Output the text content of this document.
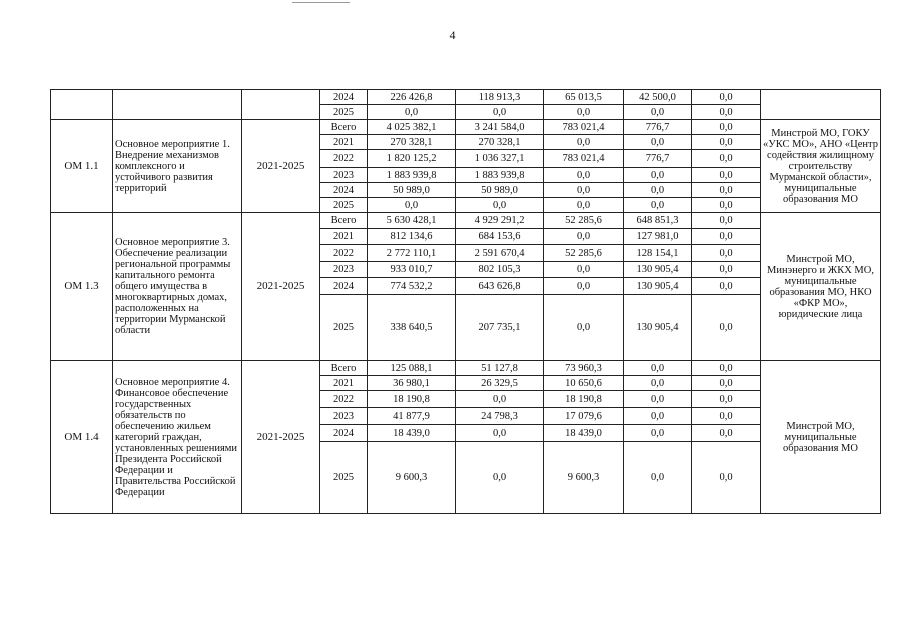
4
			2024	226 426,8	118 913,3	65 013,5	42 500,0	0,0	
			2025	0,0	0,0	0,0	0,0	0,0	
ОМ 1.1	Основное мероприятие 1. Внедрение механизмов комплексного и устойчивого развития территорий	2021-2025	Всего	4 025 382,1	3 241 584,0	783 021,4	776,7	0,0	Минстрой МО, ГОКУ «УКС МО», АНО «Центр содействия жилищному строительству Мурманской области», муниципальные образования МО
			2021	270 328,1	270 328,1	0,0	0,0	0,0	
			2022	1 820 125,2	1 036 327,1	783 021,4	776,7	0,0	
			2023	1 883 939,8	1 883 939,8	0,0	0,0	0,0	
			2024	50 989,0	50 989,0	0,0	0,0	0,0	
			2025	0,0	0,0	0,0	0,0	0,0	
ОМ 1.3	Основное мероприятие 3. Обеспечение реализации региональной программы капитального ремонта общего имущества в многоквартирных домах, расположенных на территории Мурманской области	2021-2025	Всего	5 630 428,1	4 929 291,2	52 285,6	648 851,3	0,0	Минстрой МО, Минэнерго и ЖКХ МО, муниципальные образования МО, НКО «ФКР МО», юридические лица
			2021	812 134,6	684 153,6	0,0	127 981,0	0,0	
			2022	2 772 110,1	2 591 670,4	52 285,6	128 154,1	0,0	
			2023	933 010,7	802 105,3	0,0	130 905,4	0,0	
			2024	774 532,2	643 626,8	0,0	130 905,4	0,0	
			2025	338 640,5	207 735,1	0,0	130 905,4	0,0	
ОМ 1.4	Основное мероприятие 4. Финансовое обеспечение государственных обязательств по обеспечению жильем категорий граждан, установленных решениями Президента Российской Федерации и Правительства Российской Федерации	2021-2025	Всего	125 088,1	51 127,8	73 960,3	0,0	0,0	Минстрой МО, муниципальные образования МО
			2021	36 980,1	26 329,5	10 650,6	0,0	0,0	
			2022	18 190,8	0,0	18 190,8	0,0	0,0	
			2023	41 877,9	24 798,3	17 079,6	0,0	0,0	
			2024	18 439,0	0,0	18 439,0	0,0	0,0	
			2025	9 600,3	0,0	9 600,3	0,0	0,0	
